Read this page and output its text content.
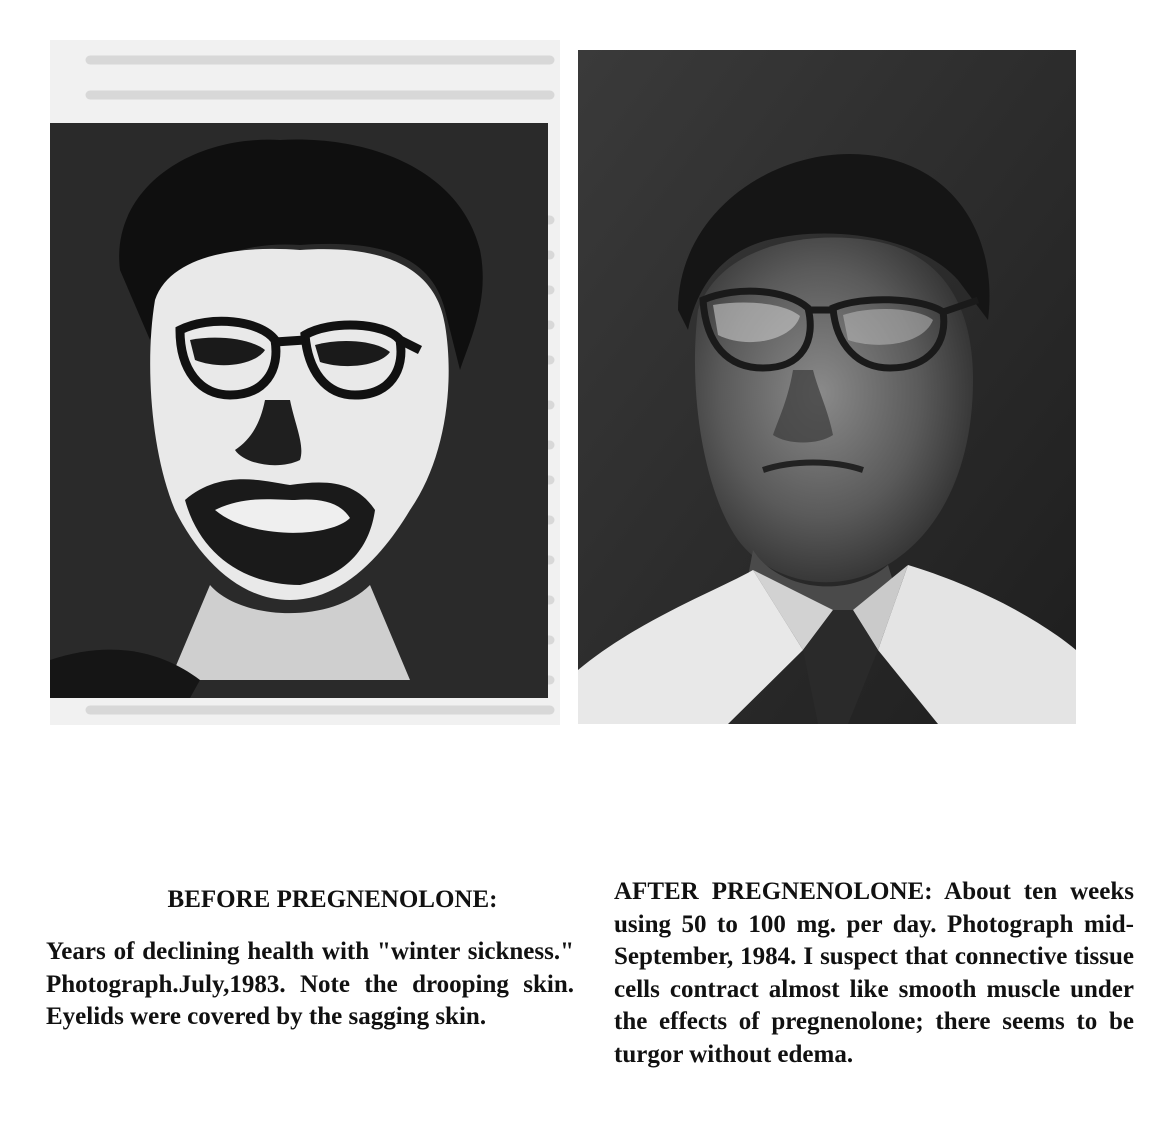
BEFORE PREGNENOLONE:
Years of declining health with "winter sickness." Photograph.July,1983. Note the drooping skin. Eyelids were covered by the sagging skin.
AFTER PREGNENOLONE: About ten weeks using 50 to 100 mg. per day. Photograph mid-September, 1984. I suspect that connective tissue cells contract almost like smooth muscle under the effects of pregnenolone; there seems to be turgor without edema.
